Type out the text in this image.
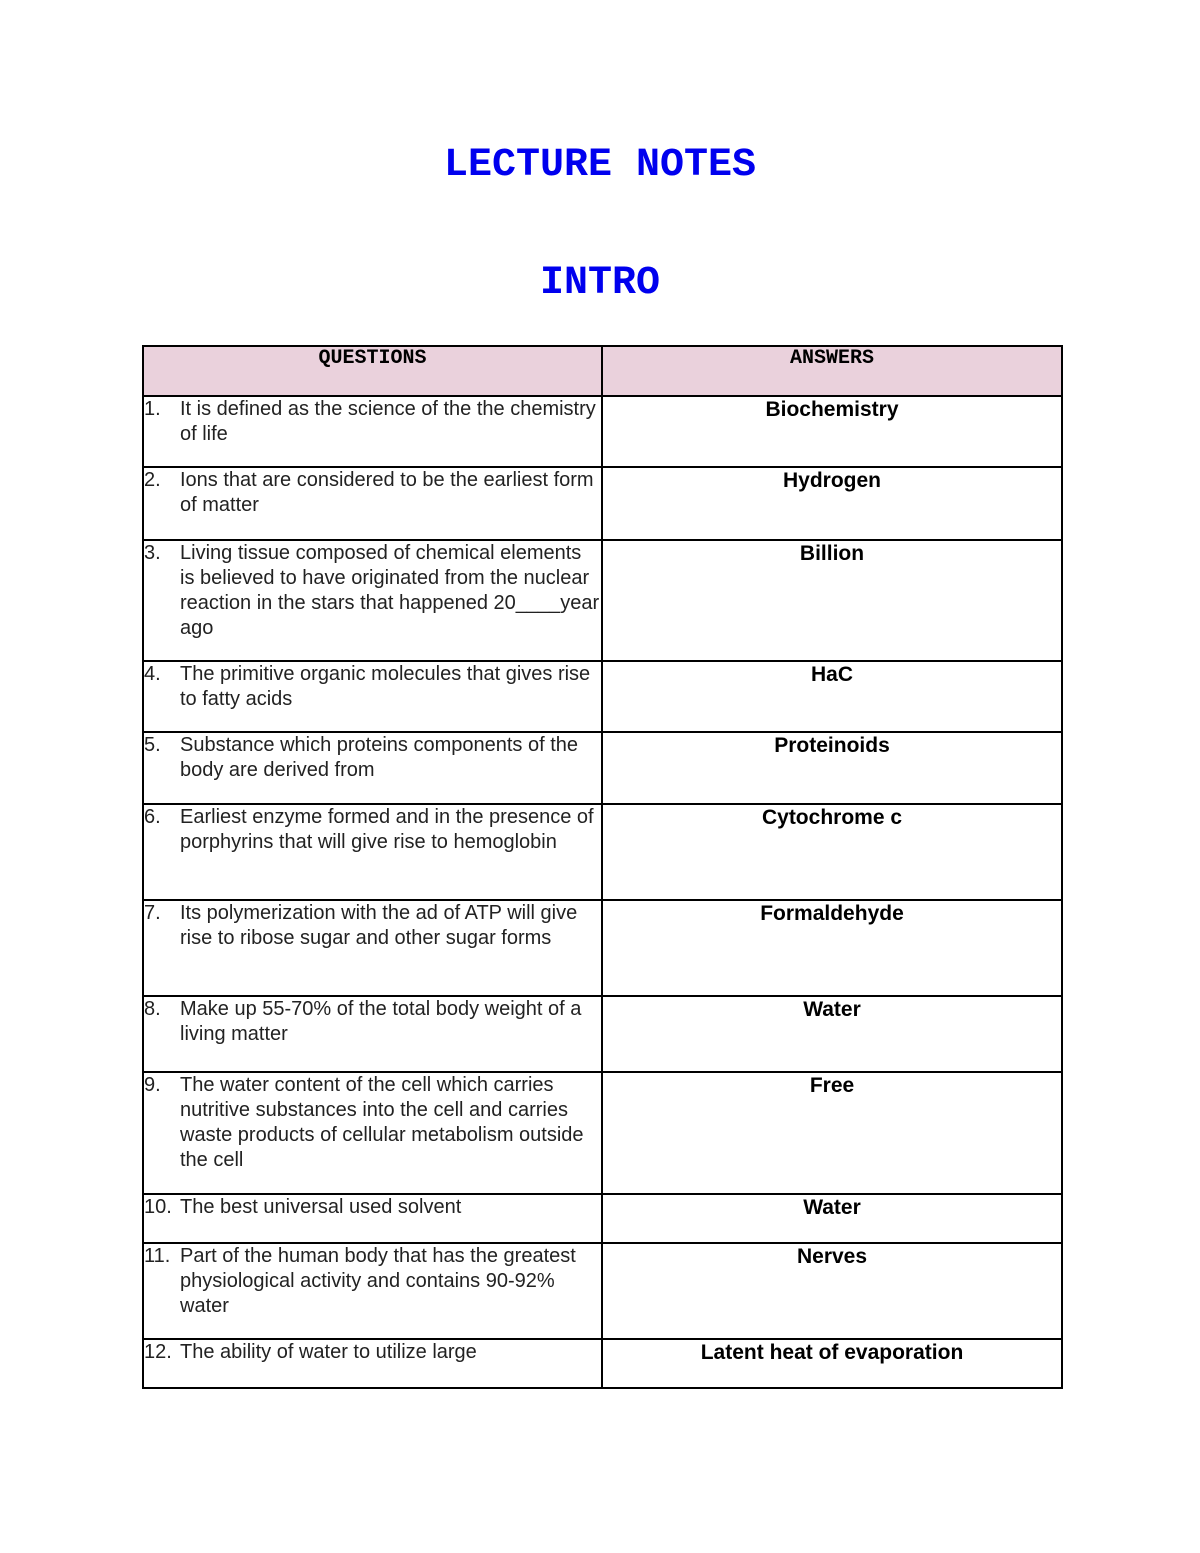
LECTURE NOTES
INTRO
QUESTIONS	ANSWERS

1. It is defined as the science of the the chemistry of life	Biochemistry

2. Ions that are considered to be the earliest form of matter	Hydrogen

3. Living tissue composed of chemical elements is believed to have originated from the nuclear reaction in the stars that happened 20____year ago	Billion

4. The primitive organic molecules that gives rise to fatty acids	HaC

5. Substance which proteins components of the body are derived from	Proteinoids

6. Earliest enzyme formed and in the presence of porphyrins that will give rise to hemoglobin	Cytochrome c

7. Its polymerization with the ad of ATP will give rise to ribose sugar and other sugar forms	Formaldehyde

8. Make up 55-70% of the total body weight of a living matter	Water

9. The water content of the cell which carries nutritive substances into the cell and carries waste products of cellular metabolism outside the cell	Free

10. The best universal used solvent	Water

11. Part of the human body that has the greatest physiological activity and contains 90-92% water	Nerves

12. The ability of water to utilize large	Latent heat of evaporation
